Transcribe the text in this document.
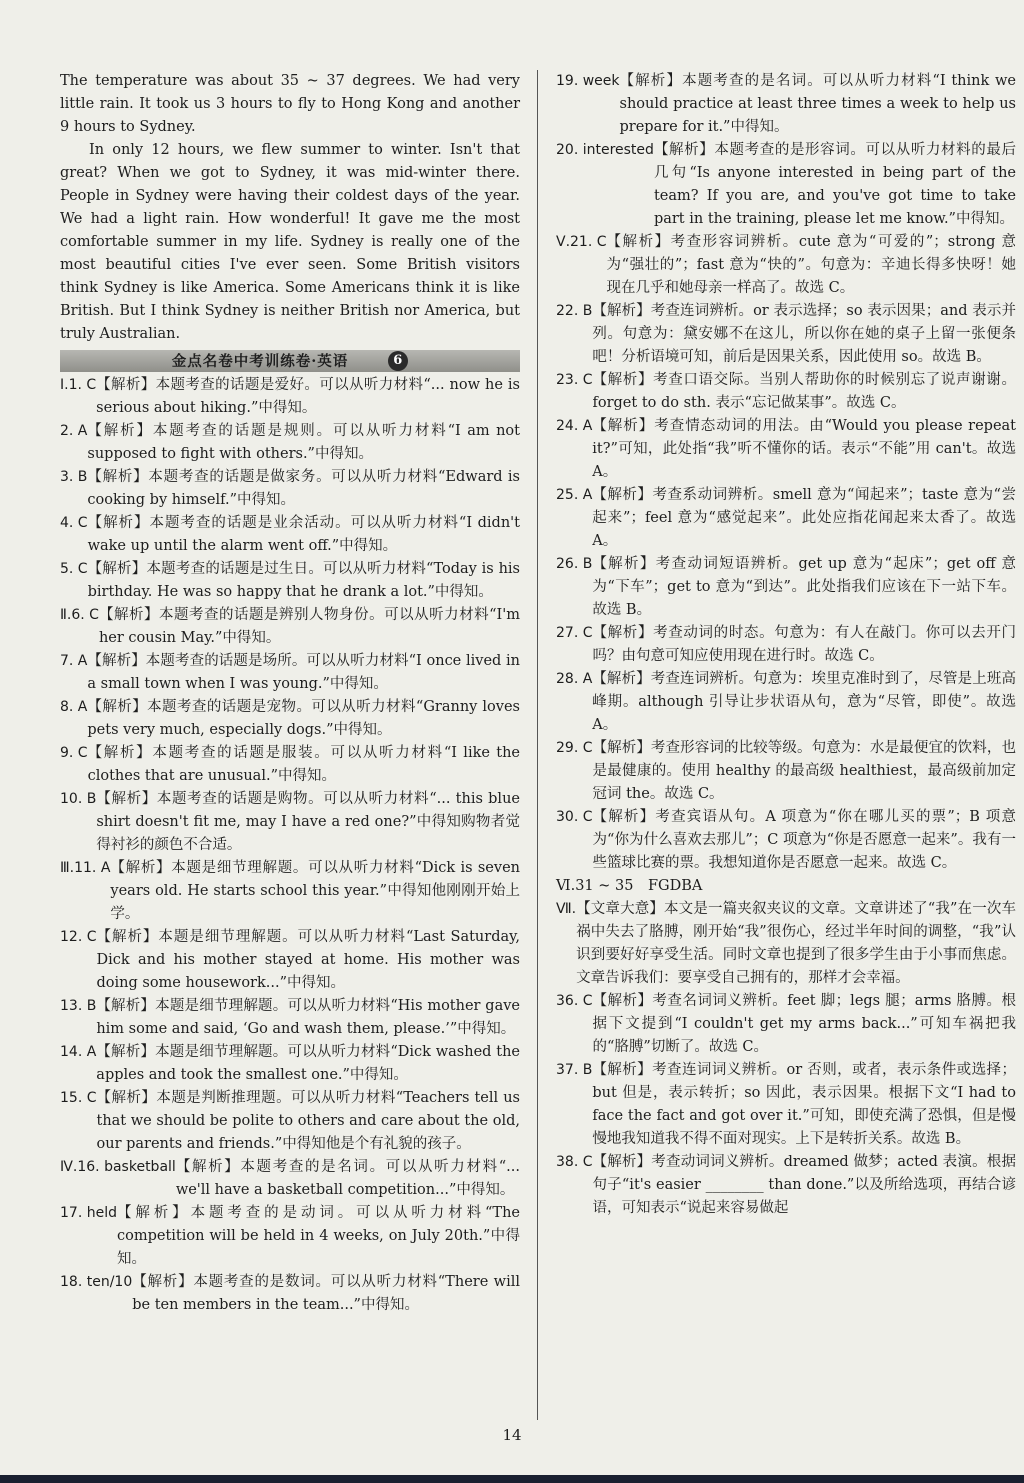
The temperature was about 35 ~ 37 degrees. We had very little rain. It took us 3 hours to fly to Hong Kong and another 9 hours to Sydney.

In only 12 hours, we flew summer to winter. Isn't that great? When we got to Sydney, it was mid-winter there. People in Sydney were having their coldest days of the year. We had a light rain. How wonderful! It gave me the most comfortable summer in my life. Sydney is really one of the most beautiful cities I've ever seen. Some British visitors think Sydney is like America. Some Americans think it is like British. But I think Sydney is neither British nor America, but truly Australian.

金点名卷中考训练卷·英语	6
Ⅰ.1. C 【解析】本题考查的话题是爱好。可以从听力材料“... now he is serious about hiking.”中得知。
2. A 【解析】本题考查的话题是规则。可以从听力材料“I am not supposed to fight with others.”中得知。
3. B 【解析】本题考查的话题是做家务。可以从听力材料“Edward is cooking by himself.”中得知。
4. C 【解析】本题考查的话题是业余活动。可以从听力材料“I didn't wake up until the alarm went off.”中得知。
5. C 【解析】本题考查的话题是过生日。可以从听力材料“Today is his birthday. He was so happy that he drank a lot.”中得知。
Ⅱ.6. C 【解析】本题考查的话题是辨别人物身份。可以从听力材料“I'm her cousin May.”中得知。
7. A 【解析】本题考查的话题是场所。可以从听力材料“I once lived in a small town when I was young.”中得知。
8. A 【解析】本题考查的话题是宠物。可以从听力材料“Granny loves pets very much, especially dogs.”中得知。
9. C 【解析】本题考查的话题是服装。可以从听力材料“I like the clothes that are unusual.”中得知。
10. B 【解析】本题考查的话题是购物。可以从听力材料“... this blue shirt doesn't fit me, may I have a red one?”中得知购物者觉得衬衫的颜色不合适。
Ⅲ.11. A 【解析】本题是细节理解题。可以从听力材料“Dick is seven years old. He starts school this year.”中得知他刚刚开始上学。
12. C 【解析】本题是细节理解题。可以从听力材料“Last Saturday, Dick and his mother stayed at home. His mother was doing some housework...”中得知。
13. B 【解析】本题是细节理解题。可以从听力材料“His mother gave him some and said, ‘Go and wash them, please.’”中得知。
14. A 【解析】本题是细节理解题。可以从听力材料“Dick washed the apples and took the smallest one.”中得知。
15. C 【解析】本题是判断推理题。可以从听力材料“Teachers tell us that we should be polite to others and care about the old, our parents and friends.”中得知他是个有礼貌的孩子。
Ⅳ.16. basketball 【解析】本题考查的是名词。可以从听力材料“... we'll have a basketball competition...”中得知。
17. held 【解析】本题考查的是动词。可以从听力材料“The competition will be held in 4 weeks, on July 20th.”中得知。
18. ten/10 【解析】本题考查的是数词。可以从听力材料“There will be ten members in the team...”中得知。
19. week 【解析】本题考查的是名词。可以从听力材料“I think we should practice at least three times a week to help us prepare for it.”中得知。
20. interested 【解析】本题考查的是形容词。可以从听力材料的最后几句“Is anyone interested in being part of the team? If you are, and you've got time to take part in the training, please let me know.”中得知。
Ⅴ.21. C 【解析】考查形容词辨析。cute 意为“可爱的”；strong 意为“强壮的”；fast 意为“快的”。句意为：辛迪长得多快呀！她现在几乎和她母亲一样高了。故选 C。
22. B 【解析】考查连词辨析。or 表示选择；so 表示因果；and 表示并列。句意为：黛安娜不在这儿，所以你在她的桌子上留一张便条吧！分析语境可知，前后是因果关系，因此使用 so。故选 B。
23. C 【解析】考查口语交际。当别人帮助你的时候别忘了说声谢谢。forget to do sth. 表示“忘记做某事”。故选 C。
24. A 【解析】考查情态动词的用法。由“Would you please repeat it?”可知，此处指“我”听不懂你的话。表示“不能”用 can't。故选 A。
25. A 【解析】考查系动词辨析。smell 意为“闻起来”；taste 意为“尝起来”；feel 意为“感觉起来”。此处应指花闻起来太香了。故选 A。
26. B 【解析】考查动词短语辨析。get up 意为“起床”；get off 意为“下车”；get to 意为“到达”。此处指我们应该在下一站下车。故选 B。
27. C 【解析】考查动词的时态。句意为：有人在敲门。你可以去开门吗？由句意可知应使用现在进行时。故选 C。
28. A 【解析】考查连词辨析。句意为：埃里克准时到了，尽管是上班高峰期。although 引导让步状语从句，意为“尽管，即使”。故选 A。
29. C 【解析】考查形容词的比较等级。句意为：水是最便宜的饮料，也是最健康的。使用 healthy 的最高级 healthiest，最高级前加定冠词 the。故选 C。
30. C 【解析】考查宾语从句。A 项意为“你在哪儿买的票”；B 项意为“你为什么喜欢去那儿”；C 项意为“你是否愿意一起来”。我有一些篮球比赛的票。我想知道你是否愿意一起来。故选 C。

Ⅵ.31 ~ 35　FGDBA

Ⅶ. 【文章大意】本文是一篇夹叙夹议的文章。文章讲述了“我”在一次车祸中失去了胳膊，刚开始“我”很伤心，经过半年时间的调整，“我”认识到要好好享受生活。同时文章也提到了很多学生由于小事而焦虑。文章告诉我们：要享受自己拥有的，那样才会幸福。
36. C 【解析】考查名词词义辨析。feet 脚；legs 腿；arms 胳膊。根据下文提到“I couldn't get my arms back...”可知车祸把我的“胳膊”切断了。故选 C。
37. B 【解析】考查连词词义辨析。or 否则，或者，表示条件或选择；but 但是，表示转折；so 因此，表示因果。根据下文“I had to face the fact and got over it.”可知，即使充满了恐惧，但是慢慢地我知道我不得不面对现实。上下是转折关系。故选 B。
38. C 【解析】考查动词词义辨析。dreamed 做梦；acted 表演。根据句子“it's easier ________ than done.”以及所给选项，再结合谚语，可知表示“说起来容易做起
14
